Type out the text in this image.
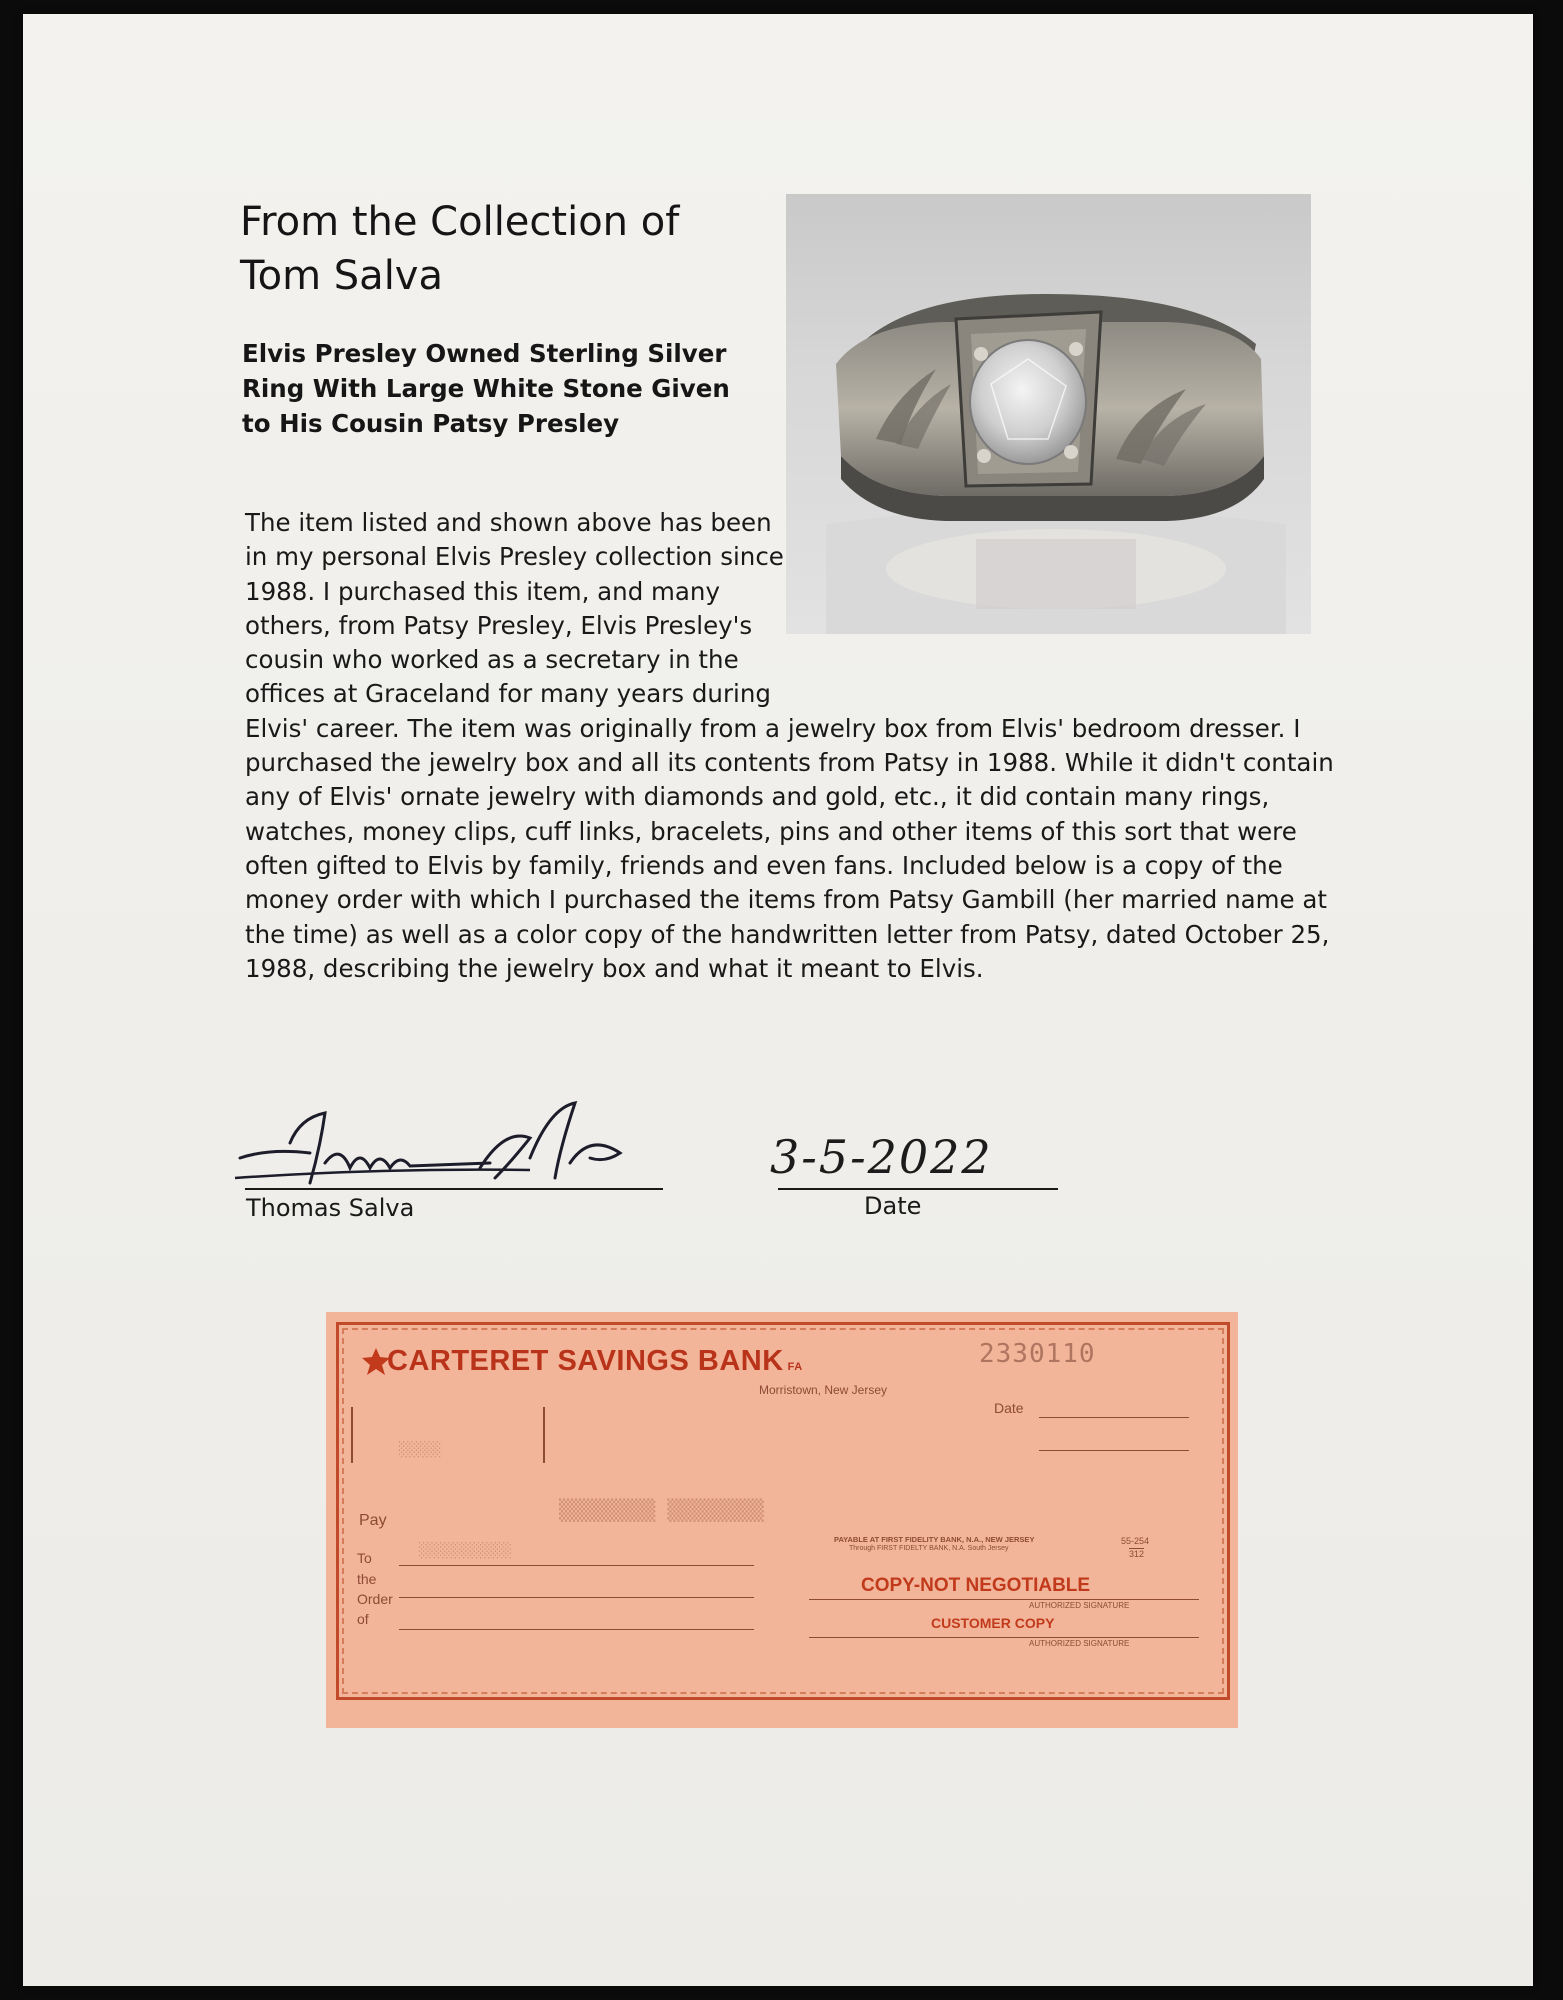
From the Collection of
Tom Salva

Elvis Presley Owned Sterling Silver Ring With Large White Stone Given to His Cousin Patsy Presley

The item listed and shown above has been in my personal Elvis Presley collection since 1988. I purchased this item, and many others, from Patsy Presley, Elvis Presley's cousin who worked as a secretary in the offices at Graceland for many years during Elvis' career. The item was originally from a jewelry box from Elvis' bedroom dresser. I purchased the jewelry box and all its contents from Patsy in 1988. While it didn't contain any of Elvis' ornate jewelry with diamonds and gold, etc., it did contain many rings, watches, money clips, cuff links, bracelets, pins and other items of this sort that were often gifted to Elvis by family, friends and even fans. Included below is a copy of the money order with which I purchased the items from Patsy Gambill (her married name at the time) as well as a color copy of the handwritten letter from Patsy, dated October 25, 1988, describing the jewelry box and what it meant to Elvis.

Thomas Salva
3-5-2022
Date
CARTERET SAVINGS BANK FA
Morristown, New Jersey
2330110
Date
░░░░░
▒▒▒▒▒▒▒▒ ▒▒▒▒▒▒▒▒
Pay
To
the
Order
of
░░░░░░░░░░░
PAYABLE AT FIRST FIDELITY BANK, N.A., NEW JERSEY
Through FIRST FIDELTY BANK, N.A. South Jersey
55-254
312
COPY-NOT NEGOTIABLE
AUTHORIZED SIGNATURE
CUSTOMER COPY
AUTHORIZED SIGNATURE
